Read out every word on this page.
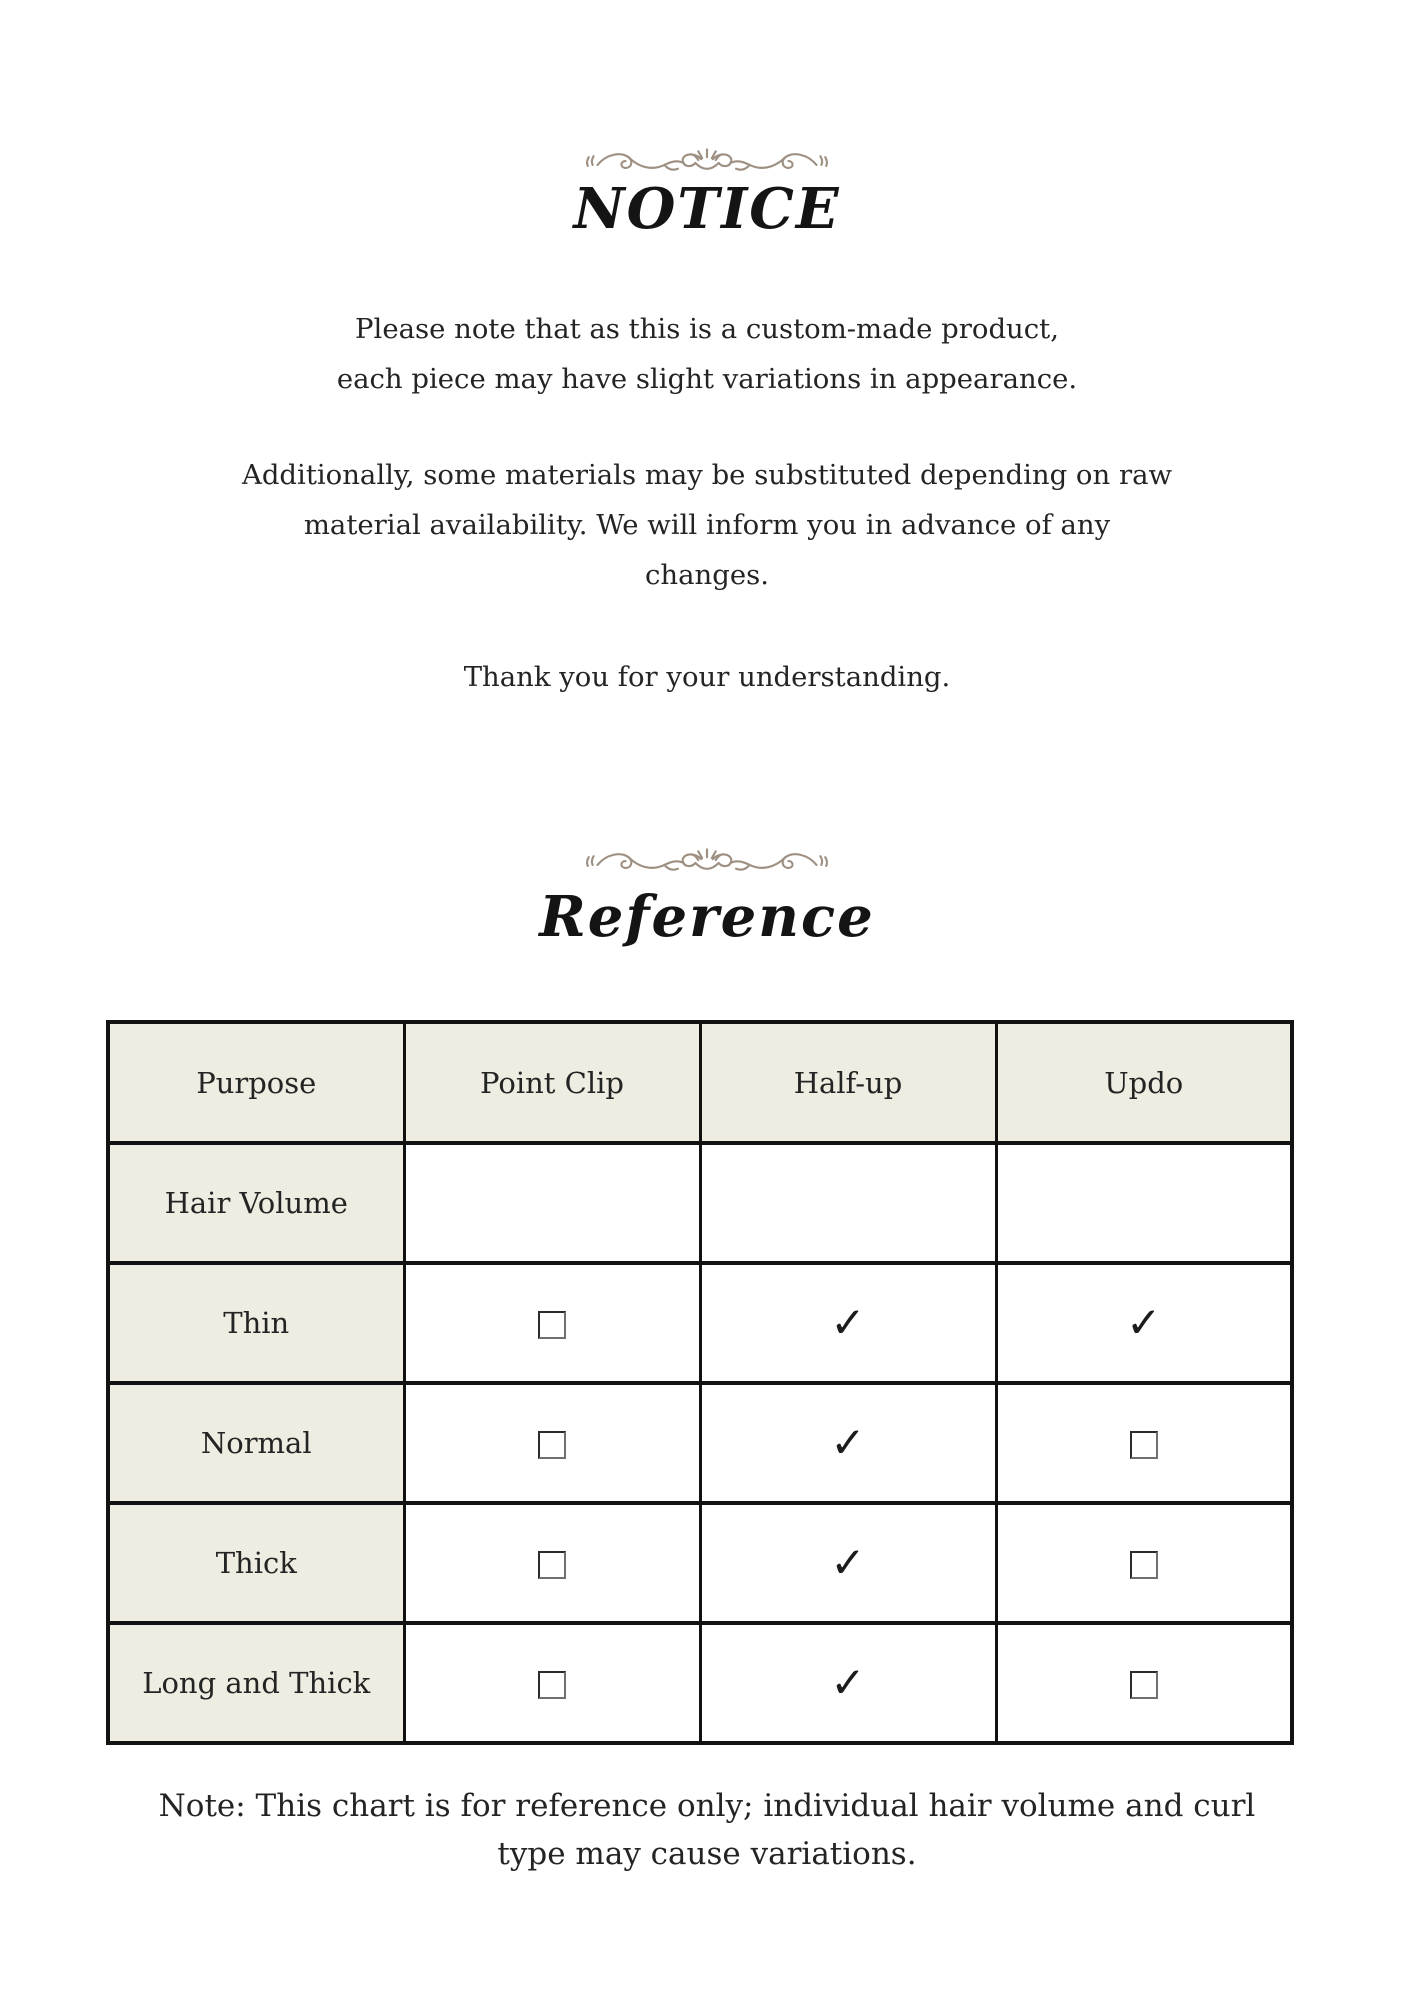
NOTICE
Please note that as this is a custom-made product,
each piece may have slight variations in appearance.
Additionally, some materials may be substituted depending on raw
material availability. We will inform you in advance of any
changes.
Thank you for your understanding.
Reference
Purpose	Point Clip	Half-up	Updo
Hair Volume			
Thin		✓	✓
Normal		✓	
Thick		✓	
Long and Thick		✓	
Note: This chart is for reference only; individual hair volume and curl
type may cause variations.
